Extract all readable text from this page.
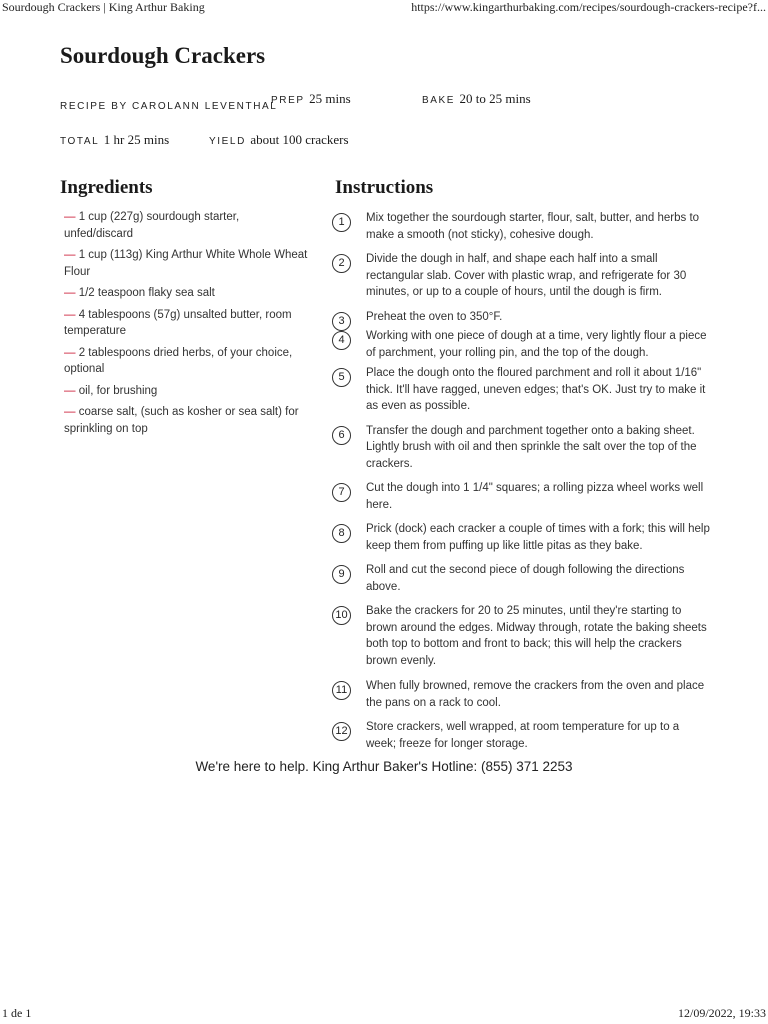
Sourdough Crackers | King Arthur Baking	https://www.kingarthurbaking.com/recipes/sourdough-crackers-recipe?f...
Sourdough Crackers
RECIPE BY CAROLANN LEVENTHAL
PREP 25 mins	BAKE 20 to 25 mins
TOTAL 1 hr 25 mins	YIELD about 100 crackers
Ingredients	Instructions
— 1 cup (227g) sourdough starter, unfed/discard
— 1 cup (113g) King Arthur White Whole Wheat Flour
— 1/2 teaspoon flaky sea salt
— 4 tablespoons (57g) unsalted butter, room temperature
— 2 tablespoons dried herbs, of your choice, optional
— oil, for brushing
— coarse salt, (such as kosher or sea salt) for sprinkling on top
1	Mix together the sourdough starter, flour, salt, butter, and herbs to make a smooth (not sticky), cohesive dough.
2	Divide the dough in half, and shape each half into a small rectangular slab. Cover with plastic wrap, and refrigerate for 30 minutes, or up to a couple of hours, until the dough is firm.
3	Preheat the oven to 350°F.
4	Working with one piece of dough at a time, very lightly flour a piece of parchment, your rolling pin, and the top of the dough.
5	Place the dough onto the floured parchment and roll it about 1/16" thick. It'll have ragged, uneven edges; that's OK. Just try to make it as even as possible.
6	Transfer the dough and parchment together onto a baking sheet. Lightly brush with oil and then sprinkle the salt over the top of the crackers.
7	Cut the dough into 1 1/4" squares; a rolling pizza wheel works well here.
8	Prick (dock) each cracker a couple of times with a fork; this will help keep them from puffing up like little pitas as they bake.
9	Roll and cut the second piece of dough following the directions above.
10 Bake the crackers for 20 to 25 minutes, until they're starting to brown around the edges. Midway through, rotate the baking sheets both top to bottom and front to back; this will help the crackers brown evenly.
11	When fully browned, remove the crackers from the oven and place the pans on a rack to cool.
12 Store crackers, well wrapped, at room temperature for up to a week; freeze for longer storage.
We're here to help. King Arthur Baker's Hotline: (855) 371 2253
1 de 1	12/09/2022, 19:33
